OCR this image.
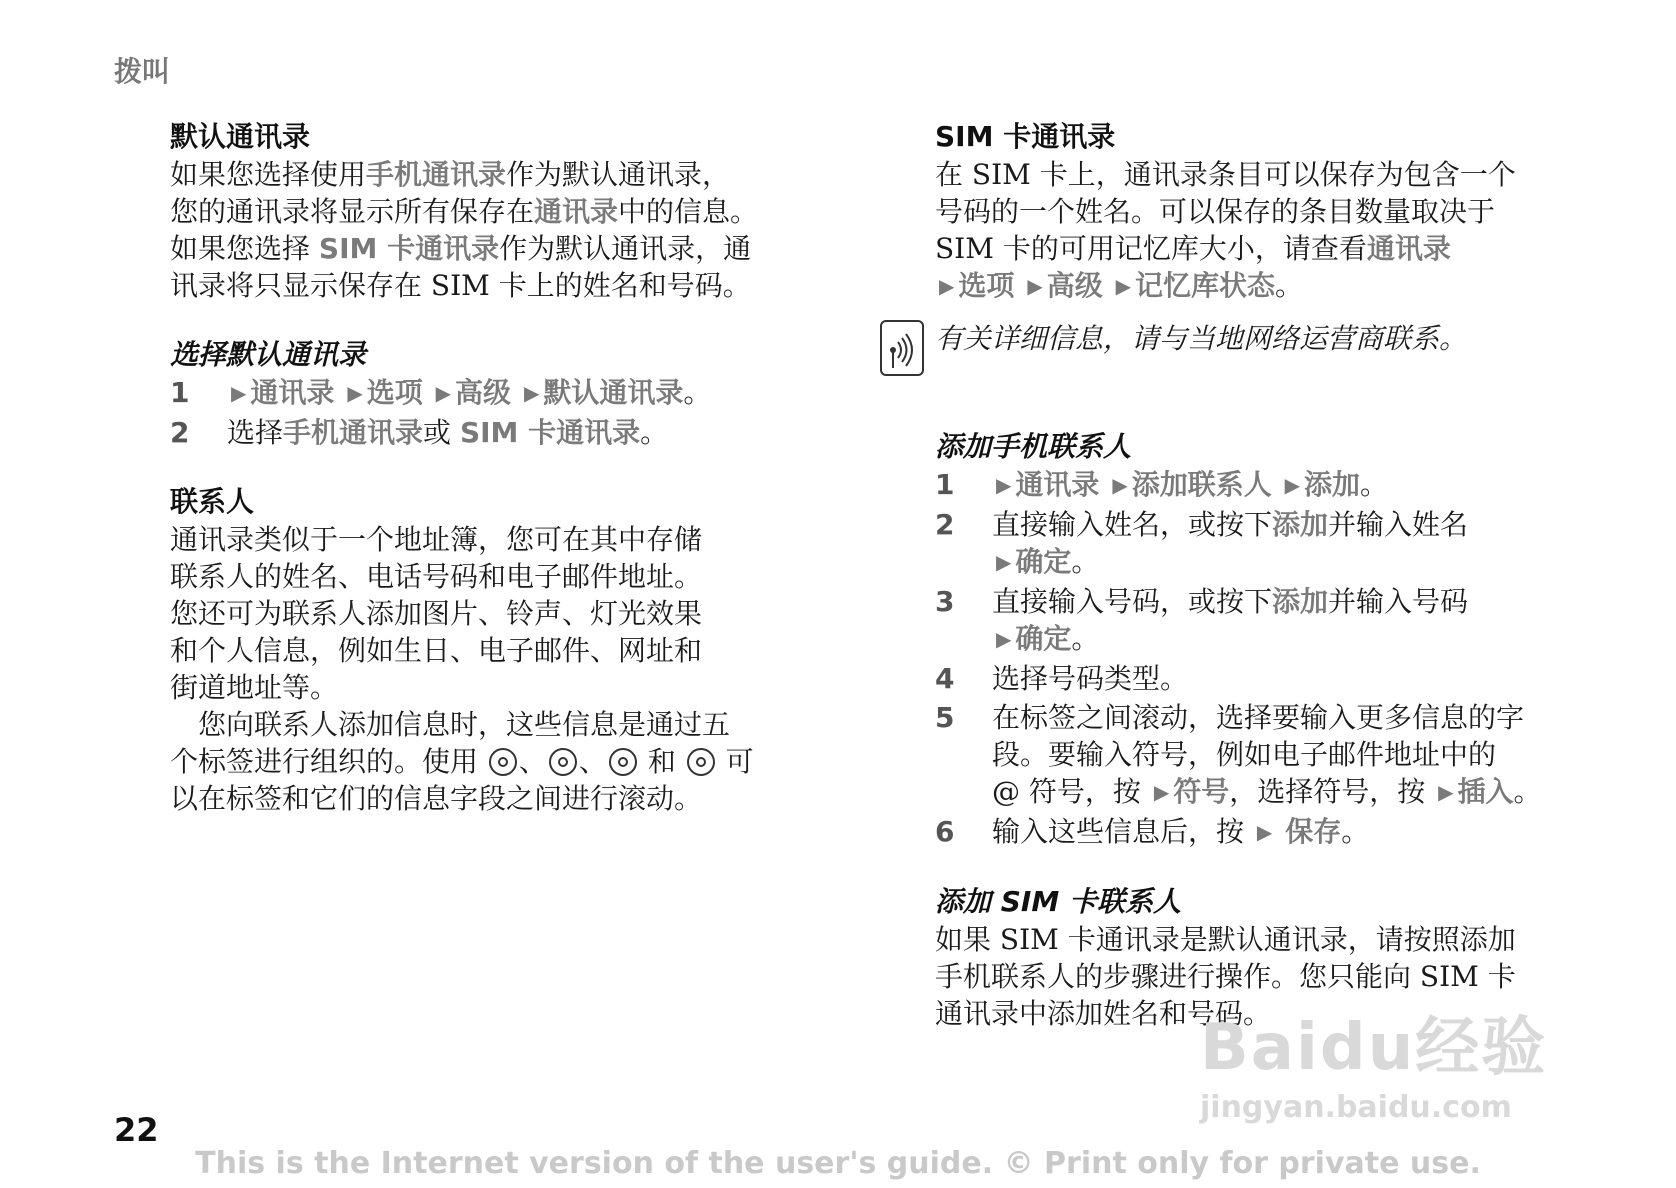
拨叫
默认通讯录

如果您选择使用手机通讯录作为默认通讯录，
您的通讯录将显示所有保存在通讯录中的信息。
如果您选择 SIM 卡通讯录作为默认通讯录，通
讯录将只显示保存在 SIM 卡上的姓名和号码。

选择默认通讯录
1 ▶ 通讯录 ▶ 选项 ▶ 高级 ▶ 默认通讯录。
2 选择手机通讯录或 SIM 卡通讯录。
联系人

通讯录类似于一个地址簿，您可在其中存储
联系人的姓名、电话号码和电子邮件地址。
您还可为联系人添加图片、铃声、灯光效果
和个人信息，例如生日、电子邮件、网址和
街道地址等。

　您向联系人添加信息时，这些信息是通过五
个标签进行组织的。使用 、 、 和  可
以在标签和它们的信息字段之间进行滚动。

SIM 卡通讯录

在 SIM 卡上，通讯录条目可以保存为包含一个
号码的一个姓名。可以保存的条目数量取决于
SIM 卡的可用记忆库大小，请查看通讯录
▶ 选项 ▶ 高级 ▶ 记忆库状态。

有关详细信息，请与当地网络运营商联系。
添加手机联系人
1 ▶ 通讯录 ▶ 添加联系人 ▶ 添加。
2 直接输入姓名，或按下添加并输入姓名
▶ 确定。
3 直接输入号码，或按下添加并输入号码
▶ 确定。
4 选择号码类型。
5 在标签之间滚动，选择要输入更多信息的字
段。要输入符号，例如电子邮件地址中的
@ 符号，按 ▶ 符号，选择符号，按 ▶ 插入。
6 输入这些信息后，按 ▶ 保存。
添加 SIM 卡联系人

如果 SIM 卡通讯录是默认通讯录，请按照添加
手机联系人的步骤进行操作。您只能向 SIM 卡
通讯录中添加姓名和号码。

Baidu经验
jingyan.baidu.com
22
This is the Internet version of the user's guide. © Print only for private use.
